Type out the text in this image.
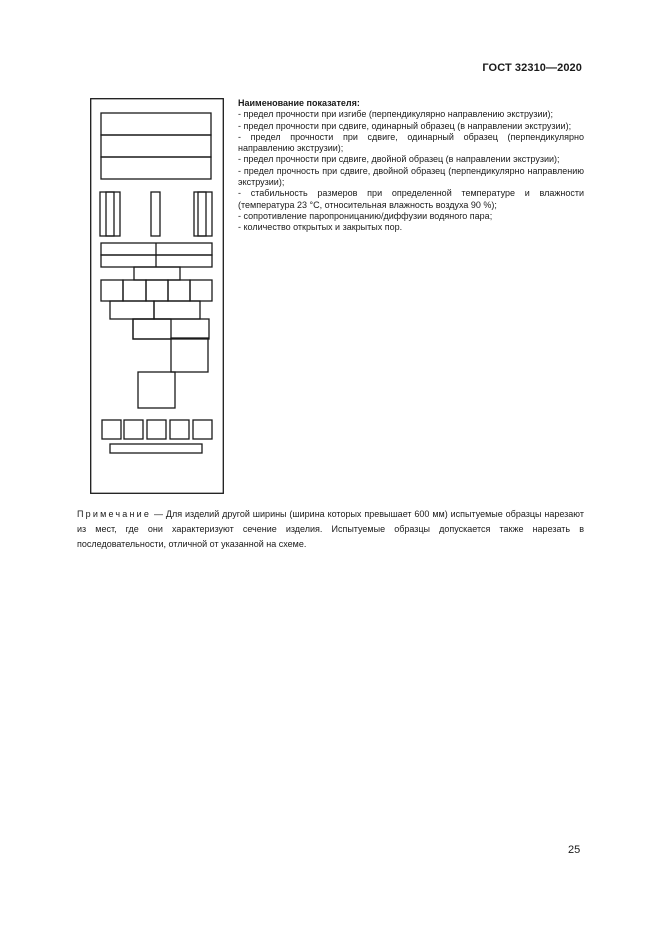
ГОСТ 32310—2020
Наименование показателя:

- предел прочности при изгибе (перпендикулярно направлению экструзии);

- предел прочности при сдвиге, одинарный образец (в направлении экструзии);

- предел прочности при сдвиге, одинарный образец (перпендикулярно направлению экструзии);

- предел прочности при сдвиге, двойной образец (в направлении экструзии);

- предел прочность при сдвиге, двойной образец (перпендикулярно направлению экструзии);

- стабильность размеров при определенной температуре и влажности (температура 23 °С, относительная влажность воздуха 90 %);

- сопротивление паропроницанию/диффузии водяного пара;

- количество открытых и закрытых пор.

Примечание — Для изделий другой ширины (ширина которых превышает 600 мм) испытуемые образцы нарезают из мест, где они характеризуют сечение изделия. Испытуемые образцы допускается также нарезать в последовательности, отличной от указанной на схеме.
25
